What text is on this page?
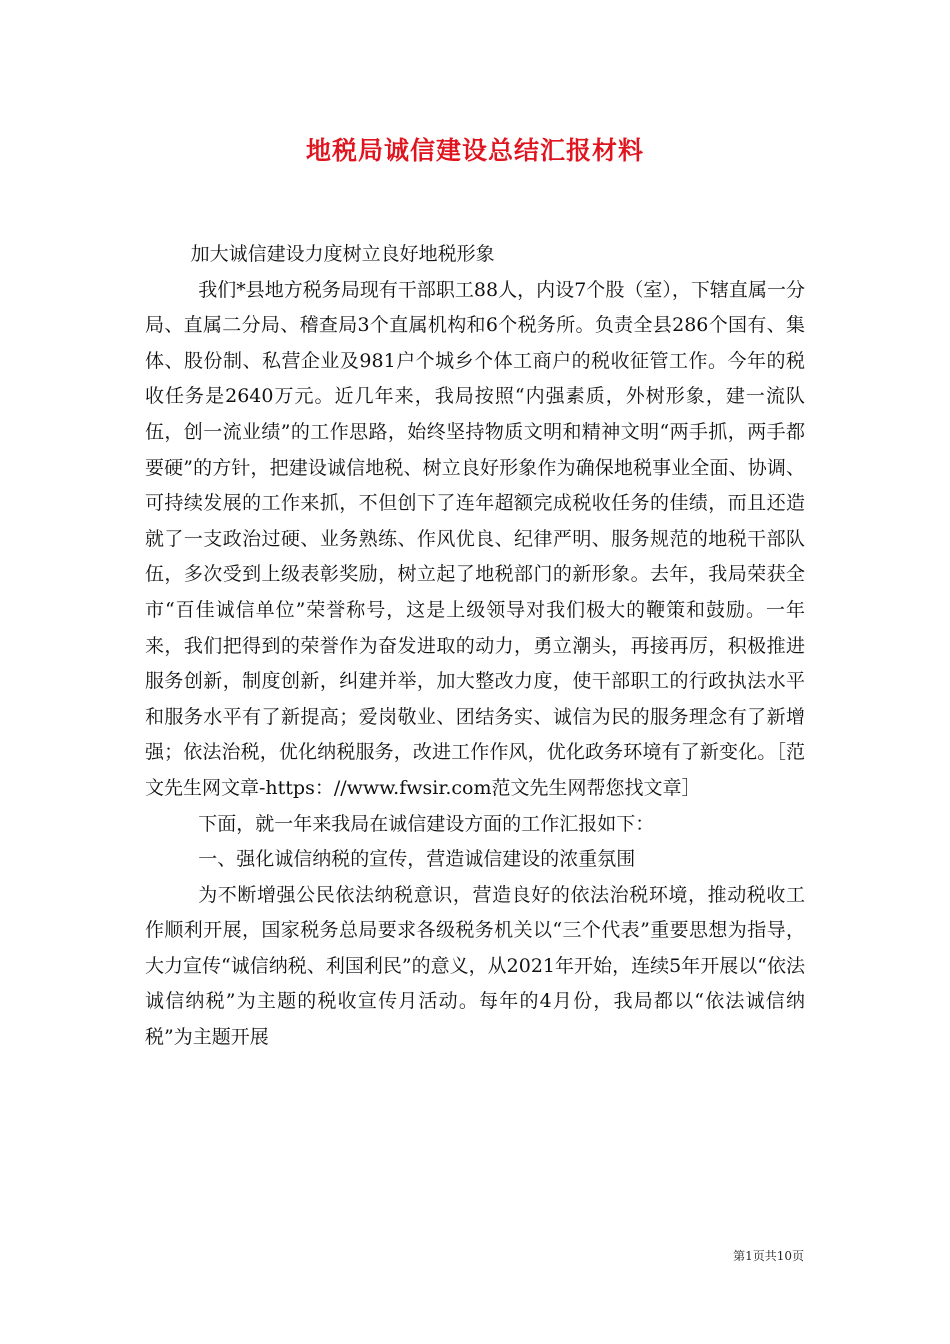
地税局诚信建设总结汇报材料

加大诚信建设力度树立良好地税形象

我们*县地方税务局现有干部职工88人，内设7个股（室），下辖直属一分局、直属二分局、稽查局3个直属机构和6个税务所。负责全县286个国有、集体、股份制、私营企业及981户个城乡个体工商户的税收征管工作。今年的税收任务是2640万元。近几年来，我局按照“内强素质，外树形象，建一流队伍，创一流业绩”的工作思路，始终坚持物质文明和精神文明“两手抓，两手都要硬”的方针，把建设诚信地税、树立良好形象作为确保地税事业全面、协调、可持续发展的工作来抓，不但创下了连年超额完成税收任务的佳绩，而且还造就了一支政治过硬、业务熟练、作风优良、纪律严明、服务规范的地税干部队伍，多次受到上级表彰奖励，树立起了地税部门的新形象。去年，我局荣获全市“百佳诚信单位”荣誉称号，这是上级领导对我们极大的鞭策和鼓励。一年来，我们把得到的荣誉作为奋发进取的动力，勇立潮头，再接再厉，积极推进服务创新，制度创新，纠建并举，加大整改力度，使干部职工的行政执法水平和服务水平有了新提高；爱岗敬业、团结务实、诚信为民的服务理念有了新增强；依法治税，优化纳税服务，改进工作作风，优化政务环境有了新变化。［范文先生网文章-https：//www.fwsir.com范文先生网帮您找文章］

下面，就一年来我局在诚信建设方面的工作汇报如下：

一、强化诚信纳税的宣传，营造诚信建设的浓重氛围

为不断增强公民依法纳税意识，营造良好的依法治税环境，推动税收工作顺利开展，国家税务总局要求各级税务机关以“三个代表”重要思想为指导，大力宣传“诚信纳税、利国利民”的意义，从2021年开始，连续5年开展以“依法诚信纳税”为主题的税收宣传月活动。每年的4月份，我局都以“依法诚信纳税”为主题开展

第1页共10页
